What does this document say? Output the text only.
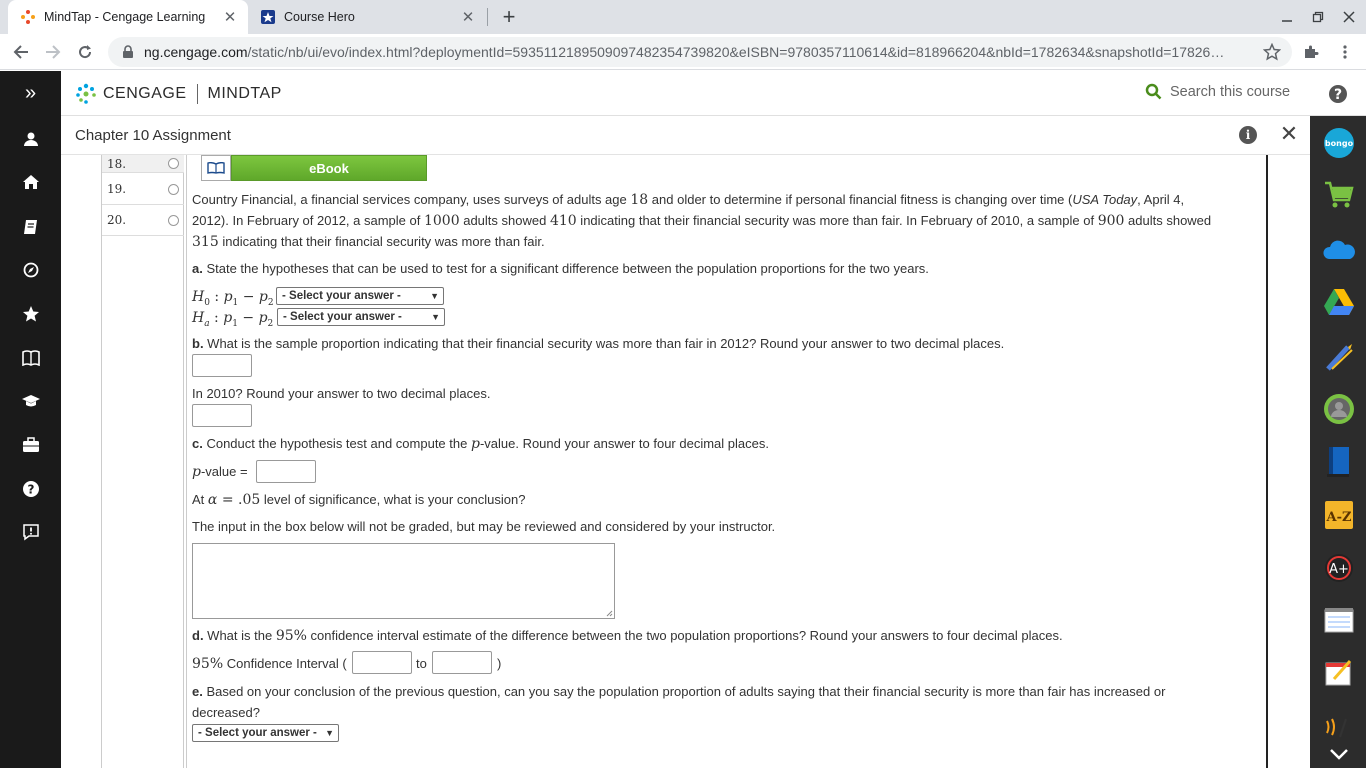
MindTap - Cengage Learning	✕	Course Hero	✕ +
ng.cengage.com /static/nb/ui/evo/index.html?deploymentId=5935112189509097482354739820&eISBN=9780357110614&id=818966204&nbId=1782634&snapshotId=17826…
»	CENGAGE MINDTAP	Search this course	?
?
bongo
A-Z
A+
Chapter 10 Assignment	i	✕
18.
19.
20.
eBook
Country Financial, a financial services company, uses surveys of adults age 18 and older to determine if personal financial fitness is changing over time (USA Today, April 4,
2012). In February of 2012, a sample of 1000 adults showed 410 indicating that their financial security was more than fair. In February of 2010, a sample of 900 adults showed
315 indicating that their financial security was more than fair.
a. State the hypotheses that can be used to test for a significant difference between the population proportions for the two years.
$H_0$ : $p_1 - p_2$
- Select your answer -	▼
$H_a$ : $p_1 - p_2$
- Select your answer -	▼
b. What is the sample proportion indicating that their financial security was more than fair in 2012? Round your answer to two decimal places.
In 2010? Round your answer to two decimal places.
c. Conduct the hypothesis test and compute the p-value. Round your answer to four decimal places.
p-value =
At α = .05 level of significance, what is your conclusion?
The input in the box below will not be graded, but may be reviewed and considered by your instructor.
d. What is the 95% confidence interval estimate of the difference between the two population proportions? Round your answers to four decimal places.
95% Confidence Interval (	to	)
e. Based on your conclusion of the previous question, can you say the population proportion of adults saying that their financial security is more than fair has increased or
decreased?
- Select your answer - ▼
